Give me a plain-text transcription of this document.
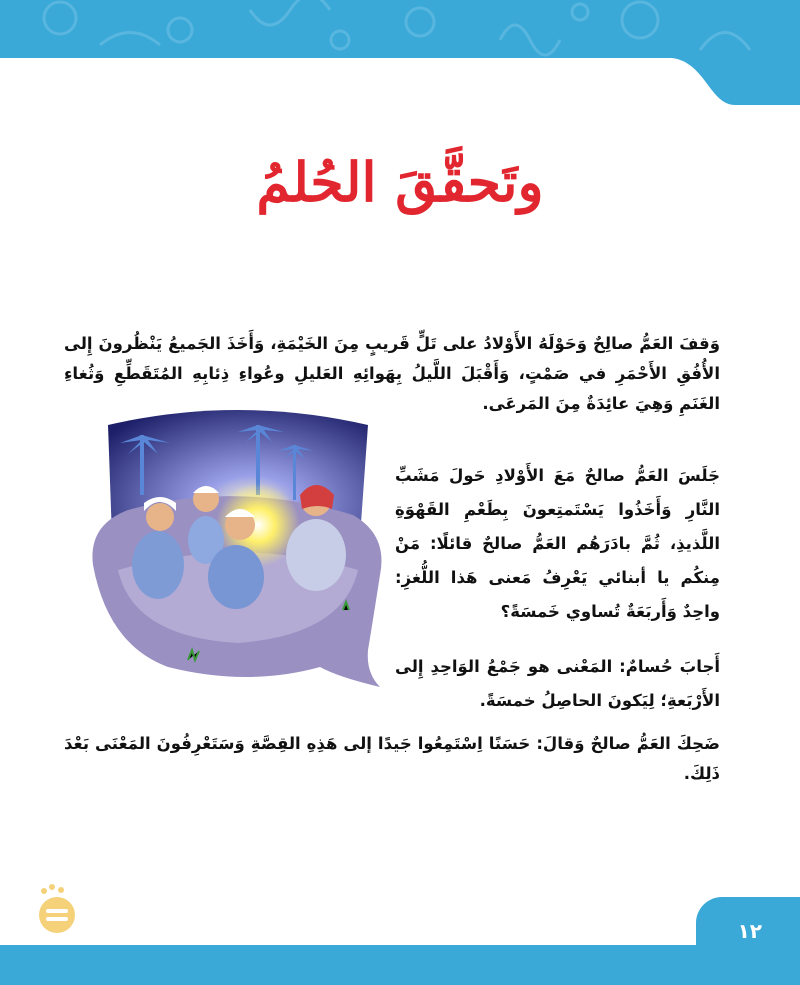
وتَحقَّقَ الحُلمُ

وَقفَ العَمُّ صالِحٌ وَحَوْلَهُ الأَوْلادُ على تَلٍّ قَريبٍ مِنَ الخَيْمَةِ، وَأَخَذَ الجَميعُ يَنْظُرونَ إِلى الأُفُقِ الأَحْمَرِ في صَمْتٍ، وَأَقْبَلَ اللَّيلُ بِهَوائِهِ العَليلِ وعُواءِ ذِئابِهِ المُتَقَطِّعِ وَثُغاءِ الغَنَمِ وَهِيَ عائِدَةٌ مِنَ المَرعَى.

جَلَسَ العَمُّ صالحٌ مَعَ الأَوْلادِ حَولَ مَشَبِّ النَّارِ وَأَخَذُوا يَسْتَمتِعونَ بِطَعْمِ القَهْوَةِ اللَّذيذِ، ثُمَّ بادَرَهُم العَمُّ صالحٌ قائلًا: مَنْ مِنكُم يا أبنائي يَعْرِفُ مَعنى هَذا اللُّغزِ: واحِدٌ وَأَربَعَةٌ تُساوي خَمسَةً؟

أَجابَ حُسامٌ: المَعْنى هو جَمْعُ الوَاحِدِ إِلى الأَرْبَعةِ؛ لِيَكونَ الحاصِلُ خمسَةً.

ضَحِكَ العَمُّ صالحٌ وَقالَ: حَسَنًا اِسْتَمِعُوا جَيدًا إلى هَذِهِ القِصَّةِ وَسَتَعْرِفُونَ المَعْنَى بَعْدَ ذَلِكَ.

١٢
